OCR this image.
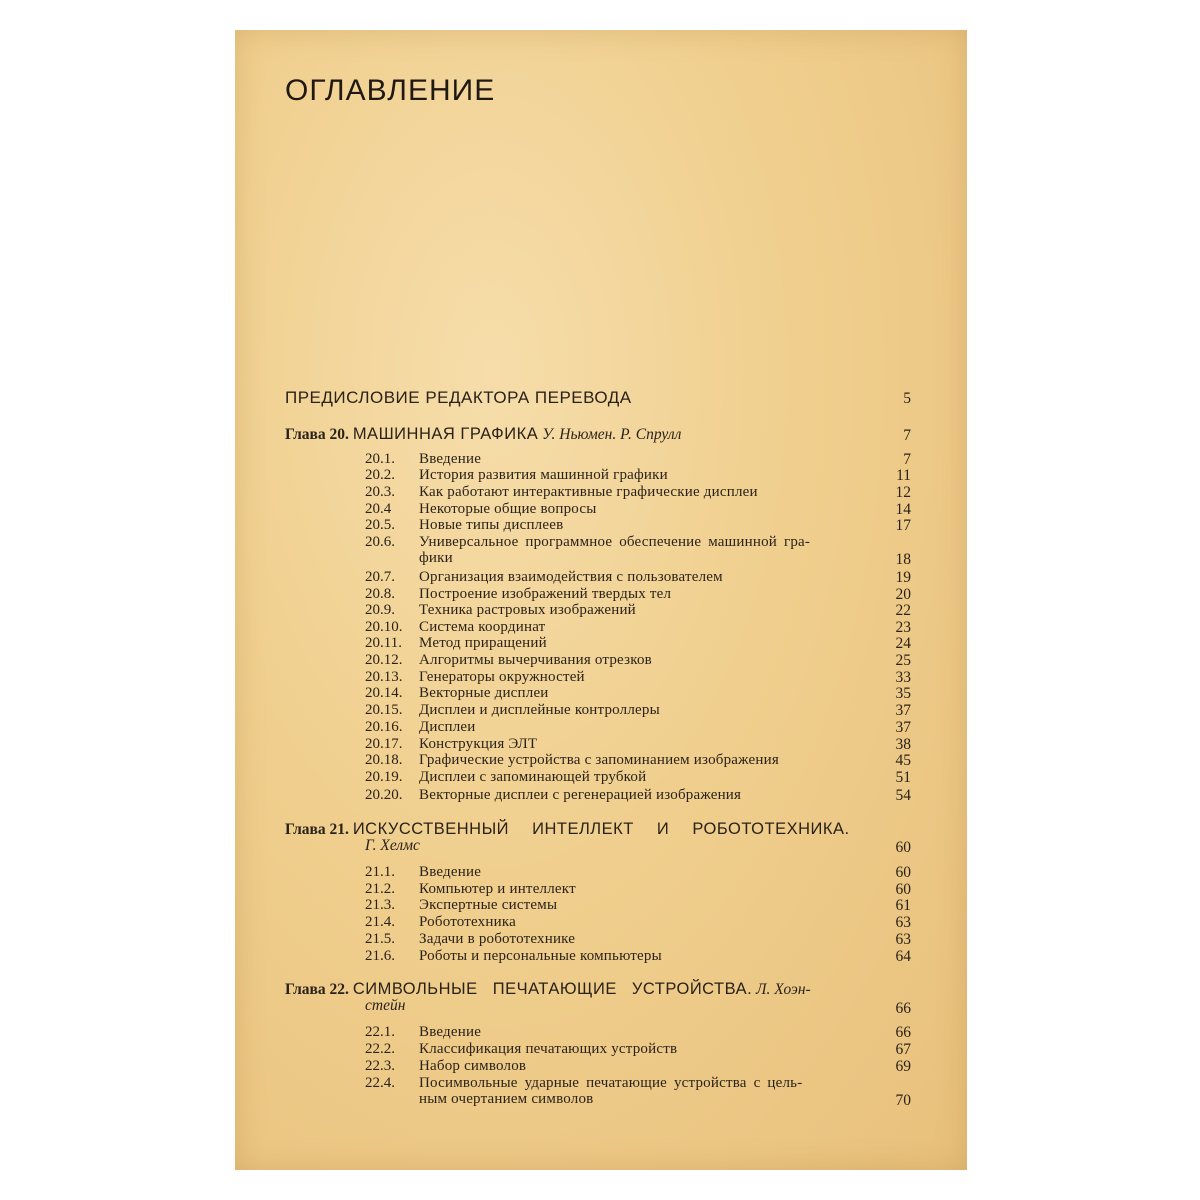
ОГЛАВЛЕНИЕ
ПРЕДИСЛОВИЕ РЕДАКТОРА ПЕРЕВОДА	5
Глава 20. МАШИННАЯ ГРАФИКА У. Ньюмен. Р. Спрулл	7
20.1. Введение	7
20.2. История развития машинной графики	11
20.3. Как работают интерактивные графические дисплеи	12
20.4 Некоторые общие вопросы	14
20.5. Новые типы дисплеев	17
20.6. Универсальное программное обеспечение машинной гра-
фики	18
20.7. Организация взаимодействия с пользователем	19
20.8. Построение изображений твердых тел	20
20.9. Техника растровых изображений	22
20.10. Система координат	23
20.11. Метод приращений	24
20.12. Алгоритмы вычерчивания отрезков	25
20.13. Генераторы окружностей	33
20.14. Векторные дисплеи	35
20.15. Дисплеи и дисплейные контроллеры	37
20.16. Дисплеи	37
20.17. Конструкция ЭЛТ	38
20.18. Графические устройства с запоминанием изображения	45
20.19. Дисплеи с запоминающей трубкой	51
20.20. Векторные дисплеи с регенерацией изображения	54
Глава 21. ИСКУССТВЕННЫЙ ИНТЕЛЛЕКТ И РОБОТОТЕХНИКА.
Г. Хелмс	60
21.1. Введение	60
21.2. Компьютер и интеллект	60
21.3. Экспертные системы	61
21.4. Робототехника	63
21.5. Задачи в робототехнике	63
21.6. Роботы и персональные компьютеры	64
Глава 22. СИМВОЛЬНЫЕ ПЕЧАТАЮЩИЕ УСТРОЙСТВА. Л. Хоэн-
стейн	66
22.1. Введение	66
22.2. Классификация печатающих устройств	67
22.3. Набор символов	69
22.4. Посимвольные ударные печатающие устройства с цель-
ным очертанием символов	70
